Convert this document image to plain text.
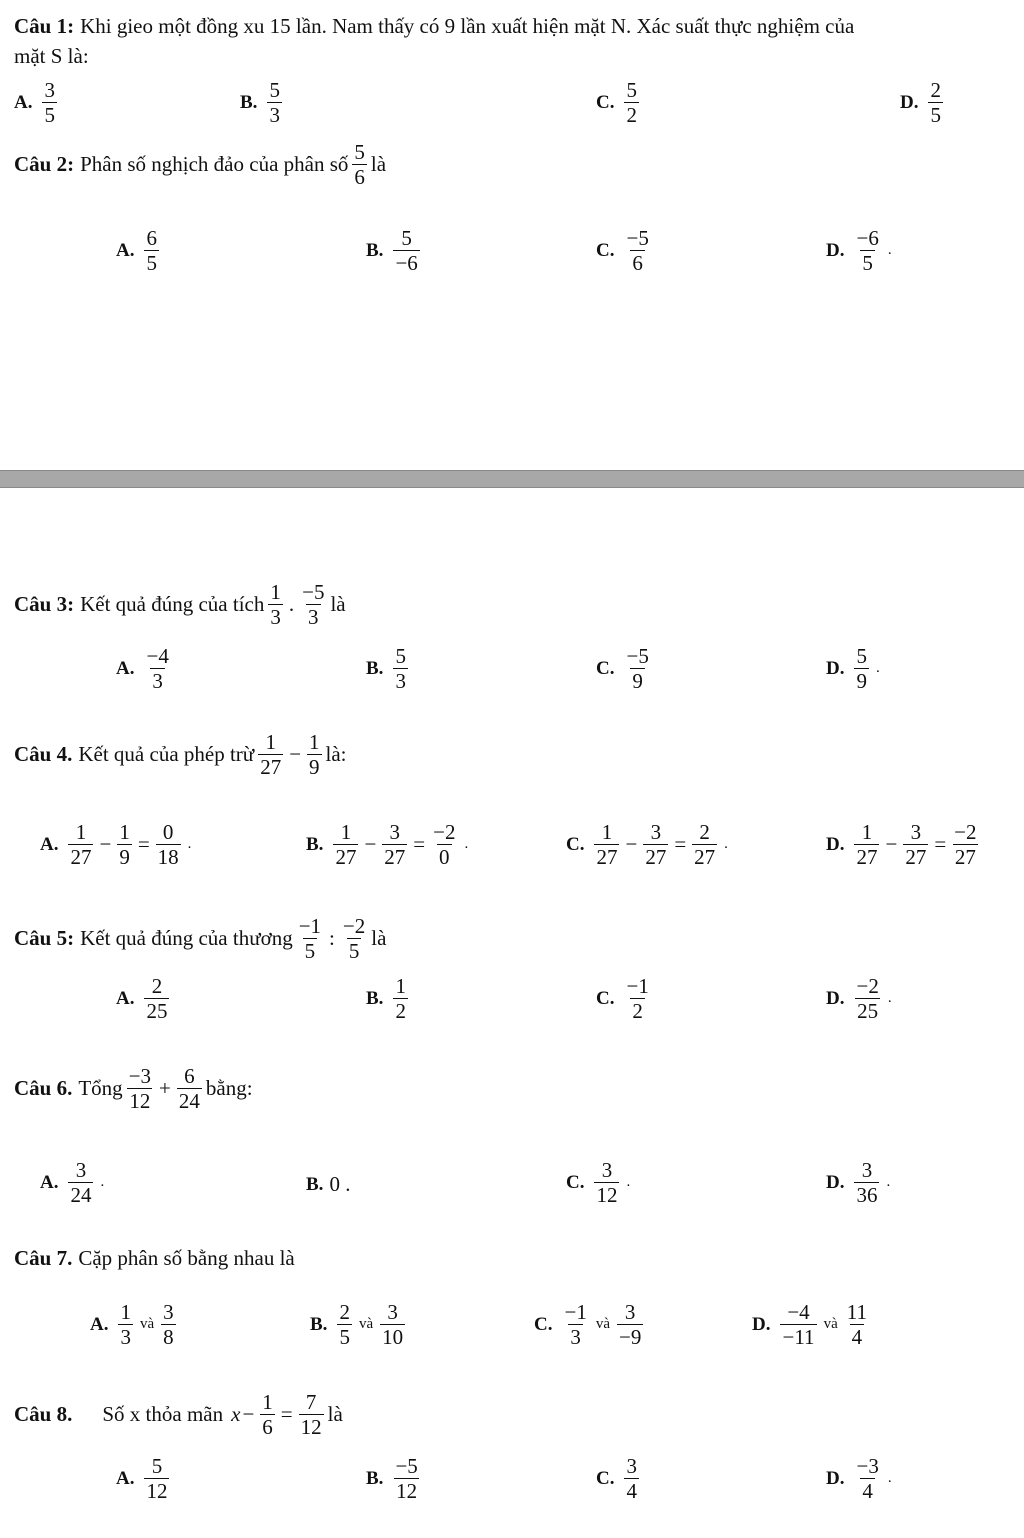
Câu 1: Khi gieo một đồng xu 15 lần. Nam thấy có 9 lần xuất hiện mặt N. Xác suất thực nghiệm của
mặt S là:
A. $\frac{3}{5}$	B. $\frac{5}{3}$	C. $\frac{5}{2}$	D. $\frac{2}{5}$
Câu 2: Phân số nghịch đảo của phân số $\frac{5}{6}$ là
A. $\frac{6}{5}$	B. $\frac{5}{-6}$	C. $\frac{-5}{6}$	D. $\frac{-6}{5}$ .
Câu 3: Kết quả đúng của tích $\frac{1}{3}$ . $\frac{-5}{3}$ là
A. $\frac{-4}{3}$	B. $\frac{5}{3}$	C. $\frac{-5}{9}$	D. $\frac{5}{9}$ .
Câu 4. Kết quả của phép trừ $\frac{1}{27} - \frac{1}{9}$ là:
A. $\frac{1}{27} - \frac{1}{9} = \frac{0}{18}$ .	B. $\frac{1}{27} - \frac{3}{27} = \frac{-2}{0}$ .	C. $\frac{1}{27} - \frac{3}{27} = \frac{2}{27}$ .	D. $\frac{1}{27} - \frac{3}{27} = \frac{-2}{27}$
Câu 5: Kết quả đúng của thương $\frac{-1}{5}$ : $\frac{-2}{5}$ là
A. $\frac{2}{25}$	B. $\frac{1}{2}$	C. $\frac{-1}{2}$	D. $\frac{-2}{25}$ .
Câu 6. Tổng $\frac{-3}{12} + \frac{6}{24}$ bằng:
A. $\frac{3}{24}$ .	B. 0 .	C. $\frac{3}{12}$ .	D. $\frac{3}{36}$ .
Câu 7. Cặp phân số bằng nhau là
A. $\frac{1}{3}$ và $\frac{3}{8}$	B. $\frac{2}{5}$ và $\frac{3}{10}$	C. $\frac{-1}{3}$ và $\frac{3}{-9}$	D. $\frac{-4}{-11}$ và $\frac{11}{4}$
Câu 8. Số x thỏa mãn $x - \frac{1}{6} = \frac{7}{12}$ là
A. $\frac{5}{12}$	B. $\frac{-5}{12}$	C. $\frac{3}{4}$	D. $\frac{-3}{4}$ .
